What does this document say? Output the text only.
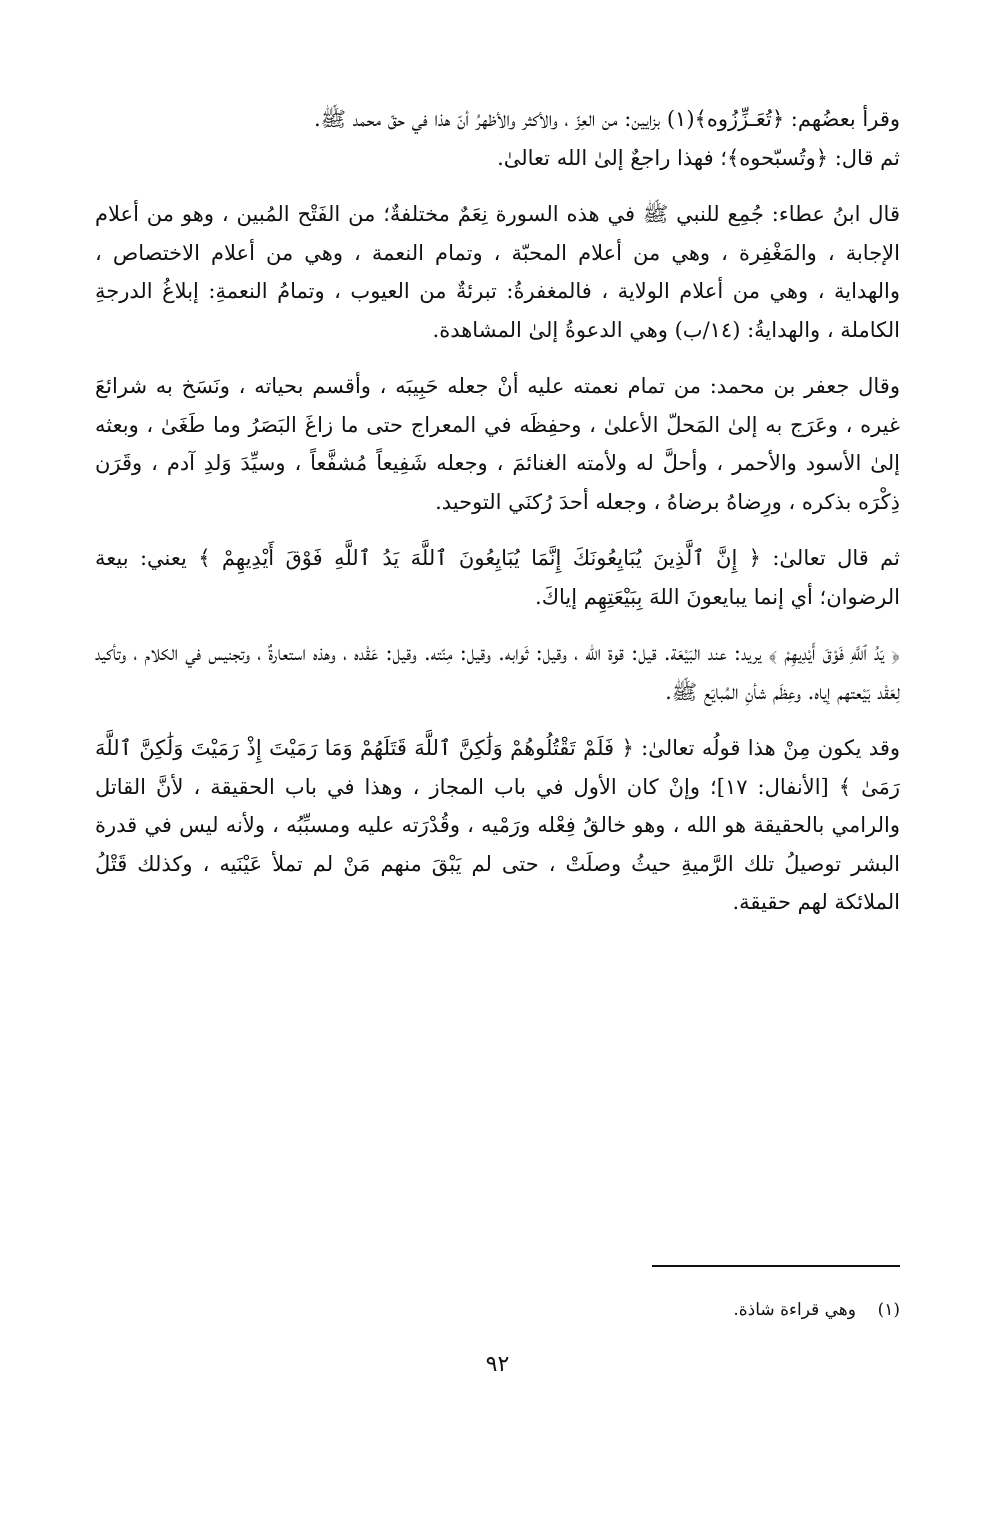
وقرأ بعضُهم: ﴿تُعَـزِّزُوه﴾(١) بزايين: من العِزّ ، والأكثر والأظهرُ أنّ هذا في حقّ محمد ﷺ.

ثم قال: ﴿وتُسبّحوه﴾؛ فهذا راجعٌ إلىٰ الله تعالىٰ.

قال ابنُ عطاء: جُمِع للنبي ﷺ في هذه السورة نِعَمٌ مختلفةٌ؛ من الفَتْح المُبين ، وهو من أعلام الإجابة ، والمَغْفِرة ، وهي من أعلام المحبّة ، وتمام النعمة ، وهي من أعلام الاختصاص ، والهداية ، وهي من أعلام الولاية ، فالمغفرةُ: تبرئةٌ من العيوب ، وتمامُ النعمةِ: إبلاغُ الدرجةِ الكاملة ، والهدايةُ: (١٤/ب) وهي الدعوةُ إلىٰ المشاهدة.

وقال جعفر بن محمد: من تمام نعمته عليه أنْ جعله حَبِيبَه ، وأقسم بحياته ، ونَسَخ به شرائعَ غيره ، وعَرَج به إلىٰ المَحلّ الأعلىٰ ، وحفِظَه في المعراج حتى ما زاغَ البَصَرُ وما طَغَىٰ ، وبعثه إلىٰ الأسود والأحمر ، وأحلَّ له ولأمته الغنائمَ ، وجعله شَفِيعاً مُشفَّعاً ، وسيِّدَ وَلدِ آدم ، وقَرَن ذِكْرَه بذكره ، ورِضاهُ برضاهُ ، وجعله أحدَ رُكنَي التوحيد.

ثم قال تعالىٰ: ﴿ إِنَّ ٱلَّذِينَ يُبَايِعُونَكَ إِنَّمَا يُبَايِعُونَ ٱللَّهَ يَدُ ٱللَّهِ فَوْقَ أَيْدِيهِمْ ﴾ يعني: بيعة الرضوان؛ أي إنما يبايعونَ اللهَ بِبَيْعَتِهِم إياكَ.

﴿ يَدُ ٱللَّهِ فَوْقَ أَيْدِيهِمْ ﴾ يريد: عند البَيْعَة. قيل: قوة الله ، وقيل: ثَوابه. وقيل: مِنّته. وقيل: عَقْده ، وهذه استعارةٌ ، وتجنيس في الكلام ، وتأكيد لِعَقْد بَيْعتهم إياه. وعِظَم شأنِ المُبايَع ﷺ.

وقد يكون مِنْ هذا قولُه تعالىٰ: ﴿ فَلَمْ تَقْتُلُوهُمْ وَلَٰكِنَّ ٱللَّهَ قَتَلَهُمْ وَمَا رَمَيْتَ إِذْ رَمَيْتَ وَلَٰكِنَّ ٱللَّهَ رَمَىٰ ﴾ [الأنفال: ١٧]؛ وإنْ كان الأول في باب المجاز ، وهذا في باب الحقيقة ، لأنَّ القاتل والرامي بالحقيقة هو الله ، وهو خالقُ فِعْله ورَمْيه ، وقُدْرَته عليه ومسبِّبُه ، ولأنه ليس في قدرة البشر توصيلُ تلك الرَّميةِ حيثُ وصلَتْ ، حتى لم يَبْقَ منهم مَنْ لم تملأ عَيْنَيه ، وكذلك قَتْلُ الملائكة لهم حقيقة.

(١)    وهي قراءة شاذة.
٩٢
